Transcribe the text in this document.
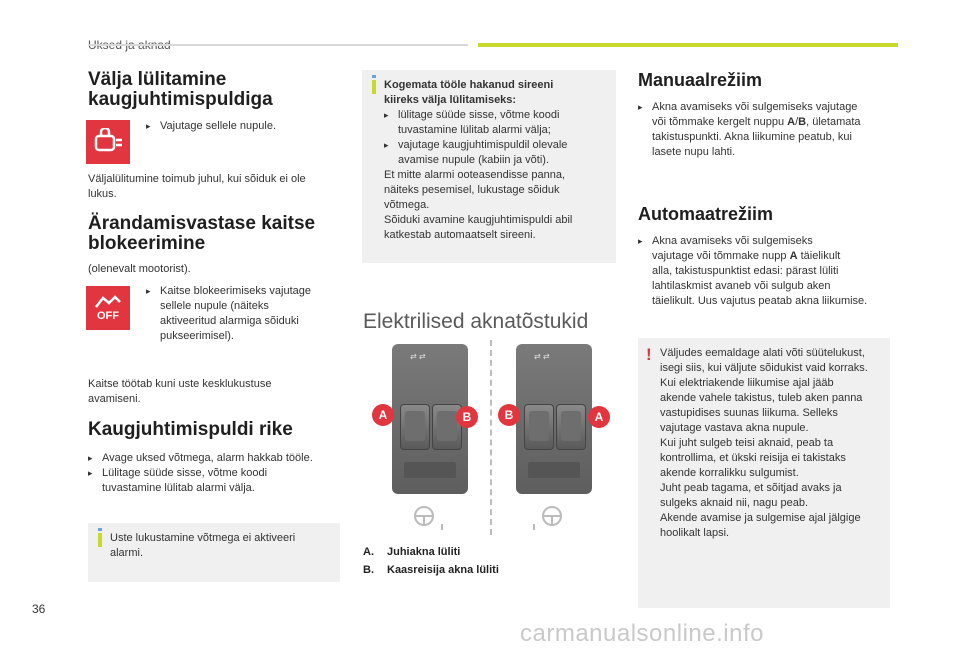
Välja lülitamine
kaugjuhtimispuldiga
▸ Vajutage sellele nupule.
Väljalülitumine toimub juhul, kui sõiduk ei ole
lukus.
Ärandamisvastase kaitse
blokeerimine
(olenevalt mootorist).
OFF
▸ Kaitse blokeerimiseks vajutage
sellele nupule (näiteks
aktiveeritud alarmiga sõiduki
pukseerimisel).
Kaitse töötab kuni uste kesklukustuse
avamiseni.
Kaugjuhtimispuldi rike
▸ Avage uksed võtmega, alarm hakkab tööle.
▸ Lülitage süüde sisse, võtme koodi
tuvastamine lülitab alarmi välja.
Uste lukustamine võtmega ei aktiveeri
alarmi.
Kogemata tööle hakanud sireeni
kiireks välja lülitamiseks:

▸ lülitage süüde sisse, võtme koodi
tuvastamine lülitab alarmi välja;
▸ vajutage kaugjuhtimispuldil olevale
avamise nupule (kabiin ja võti).
Et mitte alarmi ooteasendisse panna,
näiteks pesemisel, lukustage sõiduk
võtmega.
Sõiduki avamine kaugjuhtimispuldi abil
katkestab automaatselt sireeni.
Elektrilised aknatõstukid
⇄ ⇄
A	B
⇄ ⇄
B	A
A. Juhiakna lüliti
B. Kaasreisija akna lüliti
Manuaalrežiim
▸ Akna avamiseks või sulgemiseks vajutage
või tõmmake kergelt nuppu A/B, ületamata
takistuspunkti. Akna liikumine peatub, kui
lasete nupu lahti.
Automaatrežiim
▸ Akna avamiseks või sulgemiseks
vajutage või tõmmake nupp A täielikult
alla, takistuspunktist edasi: pärast lüliti
lahtilaskmist avaneb või sulgub aken
täielikult. Uus vajutus peatab akna liikumise.
! Väljudes eemaldage alati võti süütelukust,
isegi siis, kui väljute sõidukist vaid korraks.
Kui elektriakende liikumise ajal jääb
akende vahele takistus, tuleb aken panna
vastupidises suunas liikuma. Selleks
vajutage vastava akna nupule.
Kui juht sulgeb teisi aknaid, peab ta
kontrollima, et ükski reisija ei takistaks
akende korralikku sulgumist.
Juht peab tagama, et sõitjad avaks ja
sulgeks aknaid nii, nagu peab.
Akende avamise ja sulgemise ajal jälgige
hoolikalt lapsi.
36
carmanualsonline.info
